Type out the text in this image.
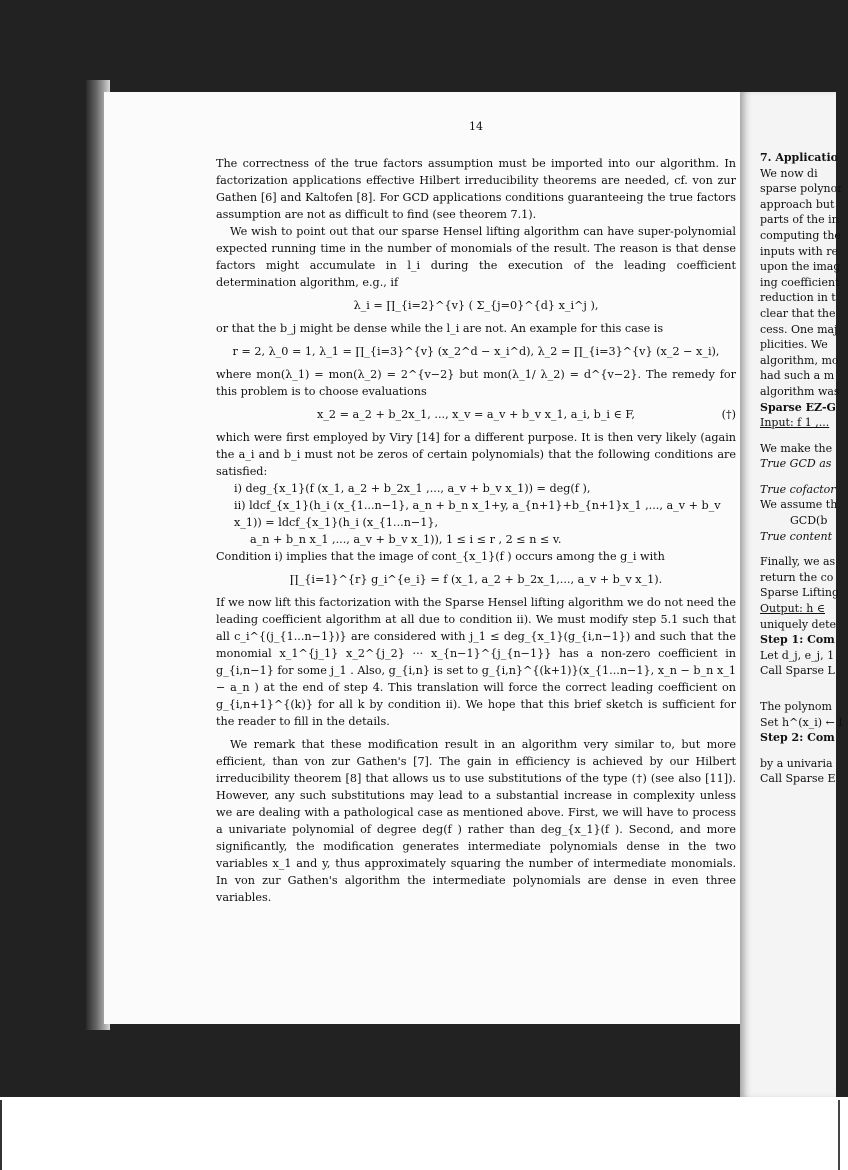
14

The correctness of the true factors assumption must be imported into our algorithm. In factorization applications effective Hilbert irreducibility theorems are needed, cf. von zur Gathen [6] and Kaltofen [8]. For GCD applications conditions guaranteeing the true factors assumption are not as difficult to find (see theorem 7.1).

We wish to point out that our sparse Hensel lifting algorithm can have super-polynomial expected running time in the number of monomials of the result. The reason is that dense factors might accumulate in l_i during the execution of the leading coefficient determination algorithm, e.g., if

λ_i = ∏_{i=2}^{v} ( Σ_{j=0}^{d} x_i^j ),

or that the b_j might be dense while the l_i are not. An example for this case is

r = 2, λ_0 = 1, λ_1 = ∏_{i=3}^{v} (x_2^d − x_i^d), λ_2 = ∏_{i=3}^{v} (x_2 − x_i),

where mon(λ_1) = mon(λ_2) = 2^{v−2} but mon(λ_1/ λ_2) = d^{v−2}. The remedy for this problem is to choose evaluations

x_2 = a_2 + b_2x_1, ..., x_v = a_v + b_v x_1, a_i, b_i ∈ F,	(†)

which were first employed by Viry [14] for a different purpose. It is then very likely (again the a_i and b_i must not be zeros of certain polynomials) that the following conditions are satisfied:

i) deg_{x_1}(f (x_1, a_2 + b_2x_1 ,..., a_v + b_v x_1)) = deg(f ),
ii) ldcf_{x_1}(h_i (x_{1...n−1}, a_n + b_n x_1+y, a_{n+1}+b_{n+1}x_1 ,..., a_v + b_v x_1)) = ldcf_{x_1}(h_i (x_{1...n−1},
a_n + b_n x_1 ,..., a_v + b_v x_1)), 1 ≤ i ≤ r , 2 ≤ n ≤ v.

Condition i) implies that the image of cont_{x_1}(f ) occurs among the g_i with

∏_{i=1}^{r} g_i^{e_i} = f (x_1, a_2 + b_2x_1,..., a_v + b_v x_1).

If we now lift this factorization with the Sparse Hensel lifting algorithm we do not need the leading coefficient algorithm at all due to condition ii). We must modify step 5.1 such that all c_i^{(j_{1...n−1})} are considered with j_1 ≤ deg_{x_1}(g_{i,n−1}) and such that the monomial x_1^{j_1} x_2^{j_2} ··· x_{n−1}^{j_{n−1}} has a non-zero coefficient in g_{i,n−1} for some j_1 . Also, g_{i,n} is set to g_{i,n}^{(k+1)}(x_{1...n−1}, x_n − b_n x_1 − a_n ) at the end of step 4. This translation will force the correct leading coefficient on g_{i,n+1}^{(k)} for all k by condition ii). We hope that this brief sketch is sufficient for the reader to fill in the details.

We remark that these modification result in an algorithm very similar to, but more efficient, than von zur Gathen's [7]. The gain in efficiency is achieved by our Hilbert irreducibility theorem [8] that allows us to use substitutions of the type (†) (see also [11]). However, any such substitutions may lead to a substantial increase in complexity unless we are dealing with a pathological case as mentioned above. First, we will have to process a univariate polynomial of degree deg(f ) rather than deg_{x_1}(f ). Second, and more significantly, the modification generates intermediate polynomials dense in the two variables x_1 and y, thus approximately squaring the number of intermediate monomials. In von zur Gathen's algorithm the intermediate polynomials are dense in even three variables.

7. Applicatio
We now di
sparse polynor
approach but
parts of the in
computing the
inputs with re
upon the imag
ing coefficient
reduction in t
clear that the
cess. One maj
plicities. We
algorithm, mo
had such a m
algorithm was
Sparse EZ-G
Input: f 1 ,...
We make the
True GCD as
True cofactor
We assume th
GCD(b
True content
Finally, we as
return the co
Sparse Lifting
Output: h ∈
uniquely dete
Step 1: Com
Let d_j, e_j, 1
Call Sparse L
The polynom
Set h^(x_i) ← I
Step 2: Com
by a univaria
Call Sparse E
